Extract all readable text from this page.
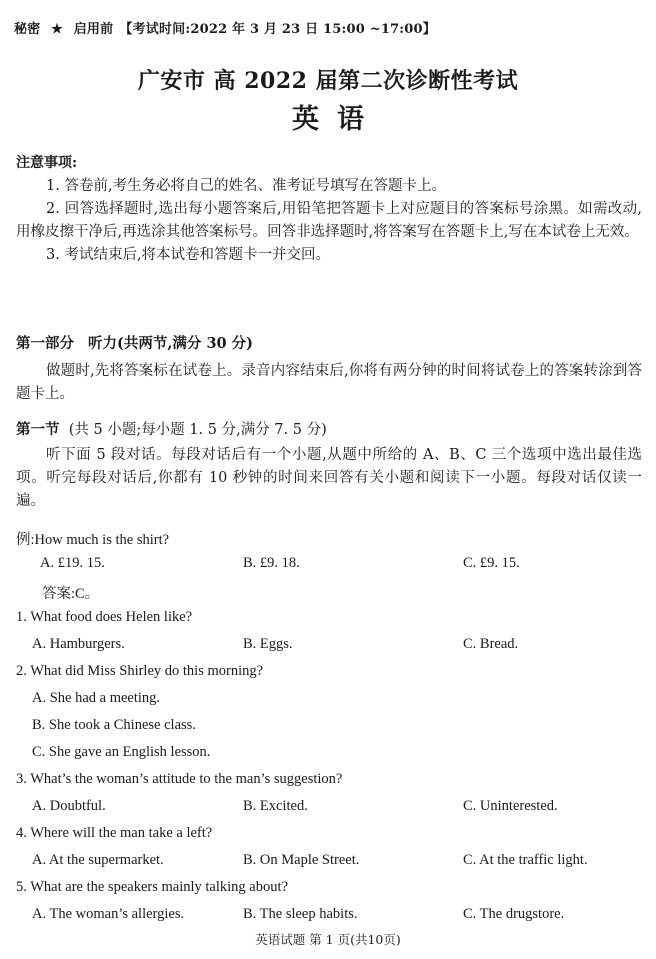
秘密 ★ 启用前 【考试时间:2022 年 3 月 23 日 15:00 ~17:00】
广安市 高 2022 届第二次诊断性考试
英语
注意事项:

1. 答卷前,考生务必将自己的姓名、准考证号填写在答题卡上。

2. 回答选择题时,选出每小题答案后,用铅笔把答题卡上对应题目的答案标号涂黑。如需改动,用橡皮擦干净后,再选涂其他答案标号。回答非选择题时,将答案写在答题卡上,写在本试卷上无效。

3. 考试结束后,将本试卷和答题卡一并交回。

第一部分 听力(共两节,满分 30 分)

做题时,先将答案标在试卷上。录音内容结束后,你将有两分钟的时间将试卷上的答案转涂到答题卡上。

第一节 (共 5 小题;每小题 1. 5 分,满分 7. 5 分)

听下面 5 段对话。每段对话后有一个小题,从题中所给的 A、B、C 三个选项中选出最佳选项。听完每段对话后,你都有 10 秒钟的时间来回答有关小题和阅读下一小题。每段对话仅读一遍。

例:How much is the shirt?
A. £19. 15.	B. £9. 18.	C. £9. 15.
答案:C。
1. What food does Helen like?
A. Hamburgers.	B. Eggs.	C. Bread.
2. What did Miss Shirley do this morning?
A. She had a meeting.
B. She took a Chinese class.
C. She gave an English lesson.
3. What’s the woman’s attitude to the man’s suggestion?
A. Doubtful.	B. Excited.	C. Uninterested.
4. Where will the man take a left?
A. At the supermarket.	B. On Maple Street.	C. At the traffic light.
5. What are the speakers mainly talking about?
A. The woman’s allergies.	B. The sleep habits.	C. The drugstore.
英语试题 第 1 页(共10页)
